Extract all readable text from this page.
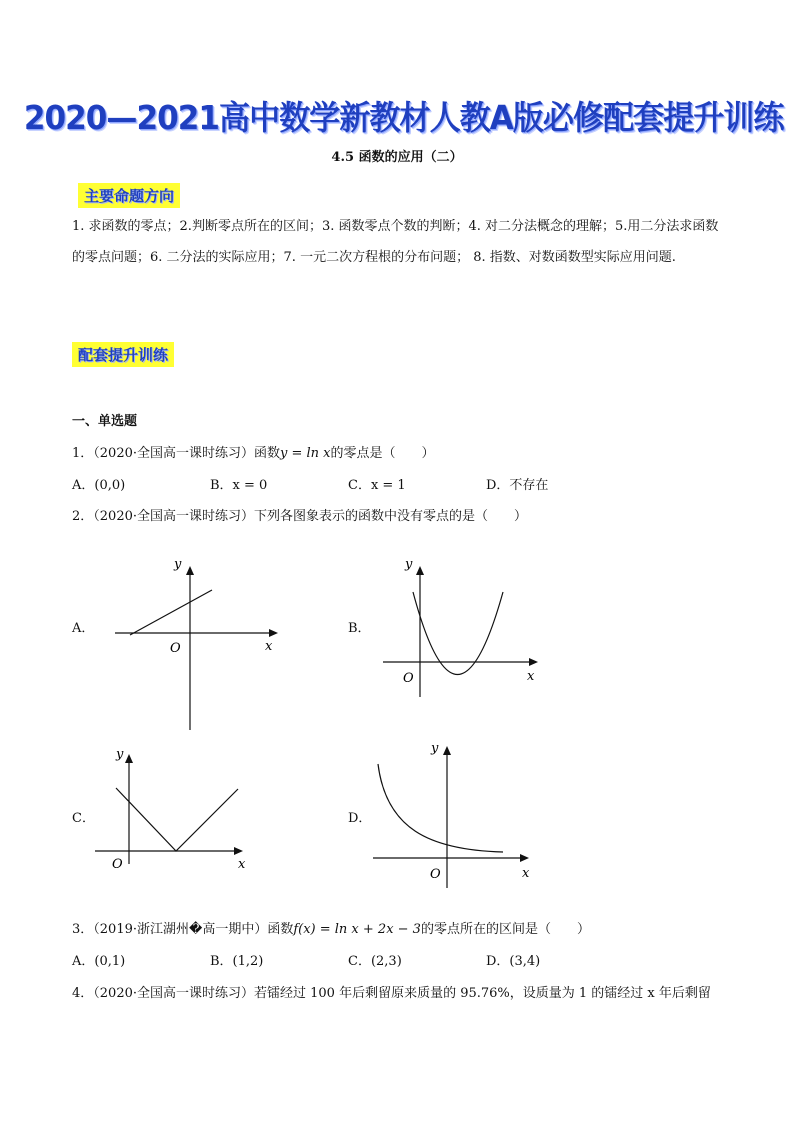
2020—2021高中数学新教材人教A版必修配套提升训练
4.5 函数的应用（二）
主要命题方向
1. 求函数的零点；2.判断零点所在的区间；3. 函数零点个数的判断；4. 对二分法概念的理解；5.用二分法求函数的零点问题；6. 二分法的实际应用；7. 一元二次方程根的分布问题； 8. 指数、对数函数型实际应用问题.
配套提升训练
一、单选题
1．（2020·全国高一课时练习）函数y = ln x的零点是（　　）
A．(0,0)	B．x = 0	C．x = 1	D．不存在
2．（2020·全国高一课时练习）下列各图象表示的函数中没有零点的是（　　）
A．	B．
C．	D．
y
x
O
y
x
O
y
x
O
y
x
O
3．（2019·浙江湖州�高一期中）函数f(x) = ln x + 2x − 3的零点所在的区间是（　　）
A．(0,1)	B．(1,2)	C．(2,3)	D．(3,4)
4．（2020·全国高一课时练习）若镭经过 100 年后剩留原来质量的 95.76%，设质量为 1 的镭经过 x 年后剩留
